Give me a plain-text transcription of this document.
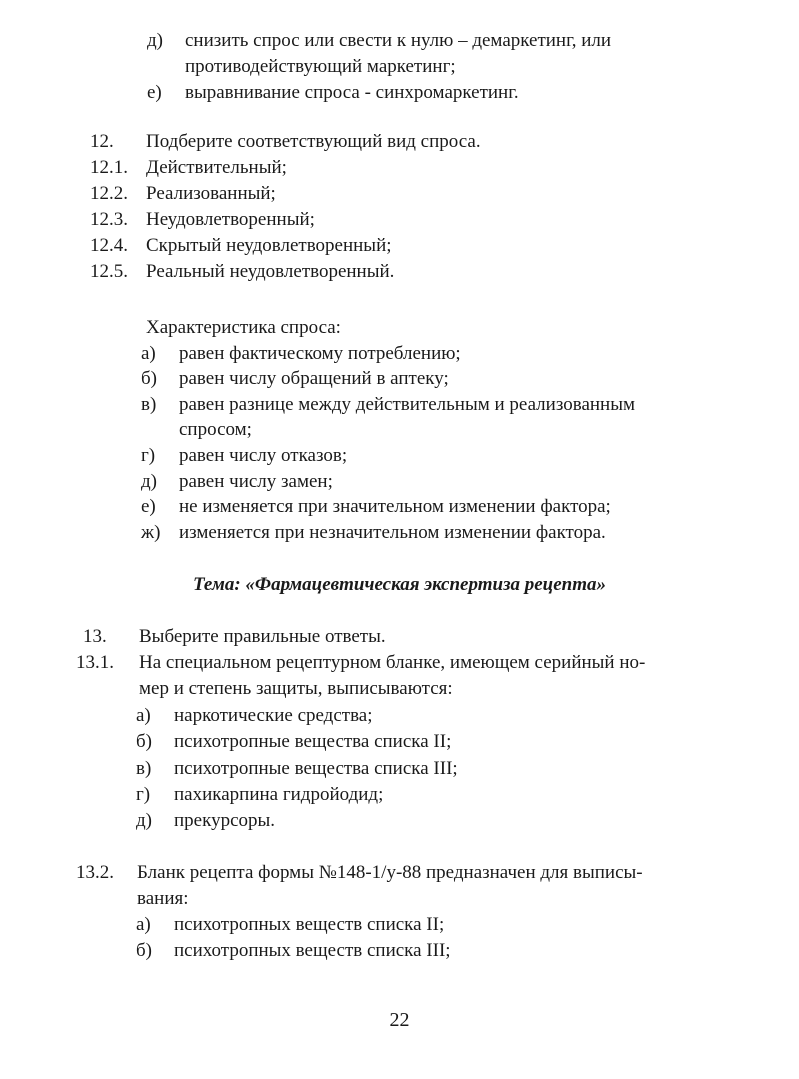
д) снизить спрос или свести к нулю – демаркетинг, или
противодействующий маркетинг;
е) выравнивание спроса - синхромаркетинг.
12. Подберите соответствующий вид спроса.
12.1. Действительный;
12.2. Реализованный;
12.3. Неудовлетворенный;
12.4. Скрытый неудовлетворенный;
12.5. Реальный неудовлетворенный.
Характеристика спроса:
а) равен фактическому потреблению;
б) равен числу обращений в аптеку;
в) равен разнице между действительным и реализованным
спросом;
г) равен числу отказов;
д) равен числу замен;
е) не изменяется при значительном изменении фактора;
ж) изменяется при незначительном изменении фактора.
Тема: «Фармацевтическая экспертиза рецепта»
13. Выберите правильные ответы.
13.1. На специальном рецептурном бланке, имеющем серийный но-
мер и степень защиты, выписываются:
а) наркотические средства;
б) психотропные вещества списка II;
в) психотропные вещества списка III;
г) пахикарпина гидройодид;
д) прекурсоры.
13.2. Бланк рецепта формы №148-1/у-88 предназначен для выписы-
вания:
а) психотропных веществ списка II;
б) психотропных веществ списка III;
22
